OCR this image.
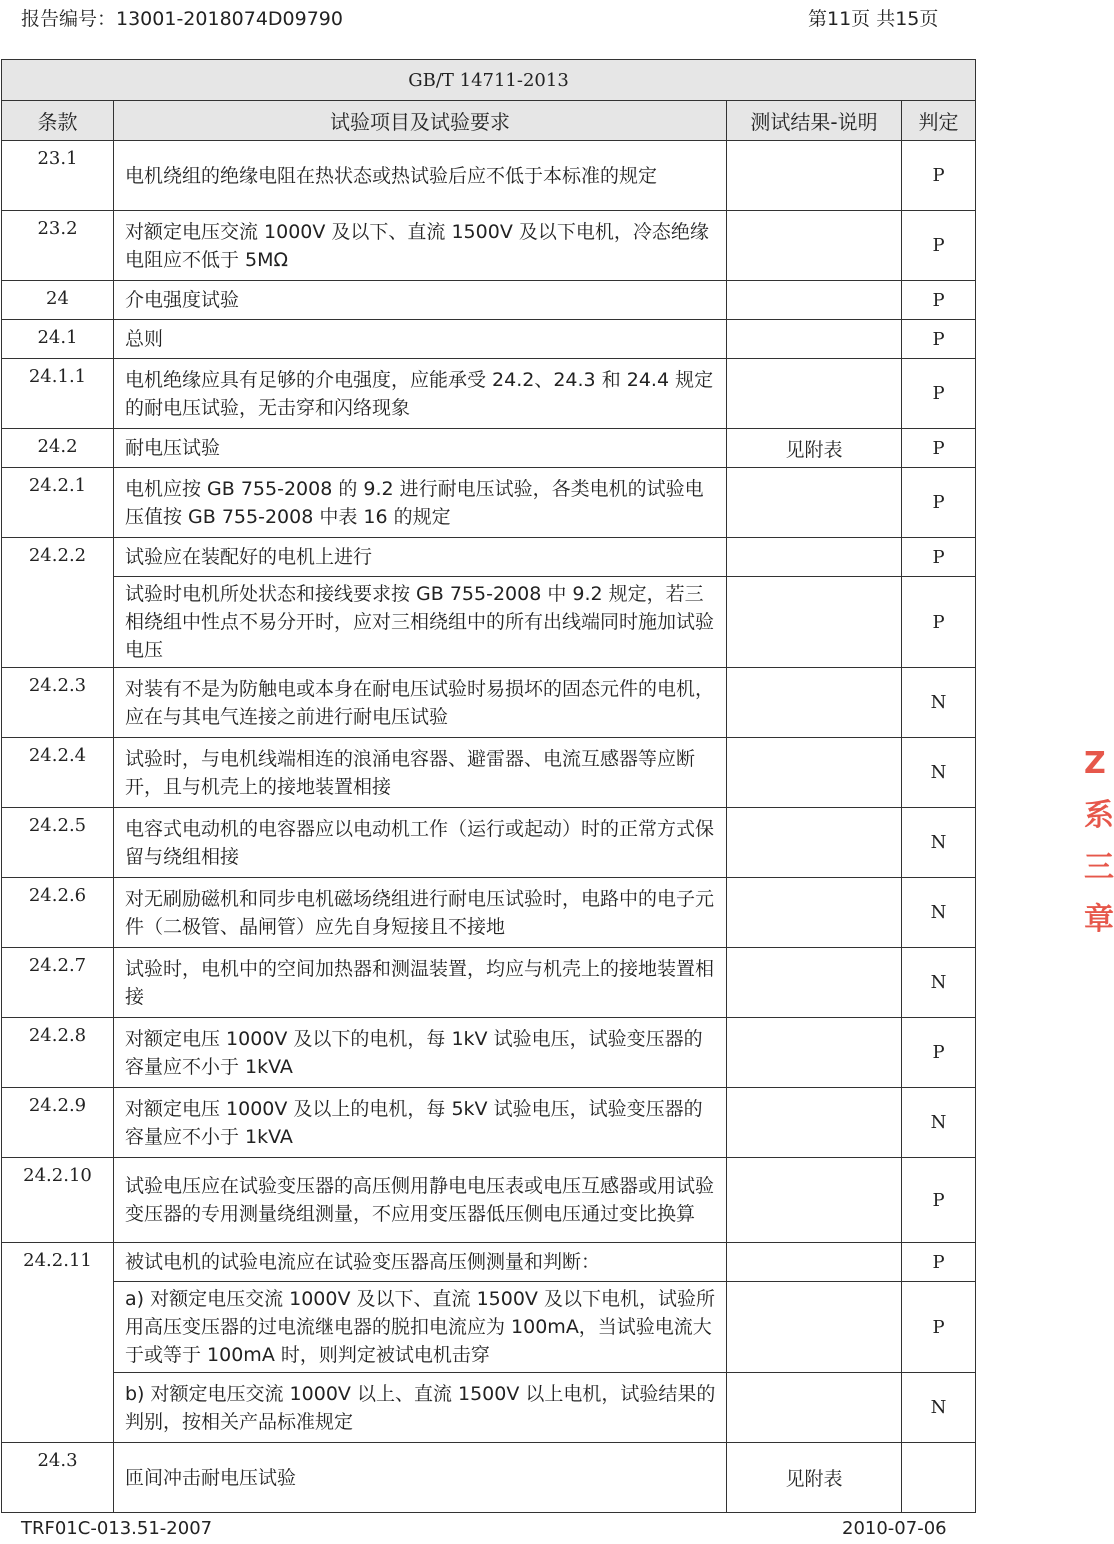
报告编号：13001-2018074D09790	第11页 共15页
GB/T 14711-2013			
条款	试验项目及试验要求	测试结果-说明	判定
23.1	电机绕组的绝缘电阻在热状态或热试验后应不低于本标准的规定		P
23.2	对额定电压交流 1000V 及以下、直流 1500V 及以下电机，冷态绝缘电阻应不低于 5MΩ		P
24	介电强度试验		P
24.1	总则		P
24.1.1	电机绝缘应具有足够的介电强度，应能承受 24.2、24.3 和 24.4 规定的耐电压试验，无击穿和闪络现象		P
24.2	耐电压试验	见附表	P
24.2.1	电机应按 GB 755-2008 的 9.2 进行耐电压试验，各类电机的试验电压值按 GB 755-2008 中表 16 的规定		P
24.2.2	试验应在装配好的电机上进行		P
	试验时电机所处状态和接线要求按 GB 755-2008 中 9.2 规定，若三相绕组中性点不易分开时，应对三相绕组中的所有出线端同时施加试验电压		P
24.2.3	对装有不是为防触电或本身在耐电压试验时易损坏的固态元件的电机，应在与其电气连接之前进行耐电压试验		N
24.2.4	试验时，与电机线端相连的浪涌电容器、避雷器、电流互感器等应断开，且与机壳上的接地装置相接		N
24.2.5	电容式电动机的电容器应以电动机工作（运行或起动）时的正常方式保留与绕组相接		N
24.2.6	对无刷励磁机和同步电机磁场绕组进行耐电压试验时，电路中的电子元件（二极管、晶闸管）应先自身短接且不接地		N
24.2.7	试验时，电机中的空间加热器和测温装置，均应与机壳上的接地装置相接		N
24.2.8	对额定电压 1000V 及以下的电机，每 1kV 试验电压，试验变压器的容量应不小于 1kVA		P
24.2.9	对额定电压 1000V 及以上的电机，每 5kV 试验电压，试验变压器的容量应不小于 1kVA		N
24.2.10	试验电压应在试验变压器的高压侧用静电电压表或电压互感器或用试验变压器的专用测量绕组测量，不应用变压器低压侧电压通过变比换算		P
24.2.11	被试电机的试验电流应在试验变压器高压侧测量和判断：		P
	a) 对额定电压交流 1000V 及以下、直流 1500V 及以下电机，试验所用高压变压器的过电流继电器的脱扣电流应为 100mA，当试验电流大于或等于 100mA 时，则判定被试电机击穿		P
	b) 对额定电压交流 1000V 以上、直流 1500V 以上电机，试验结果的判别，按相关产品标准规定		N
24.3	匝间冲击耐电压试验	见附表	
Z
系
三
章
TRF01C-013.51-2007	2010-07-06
